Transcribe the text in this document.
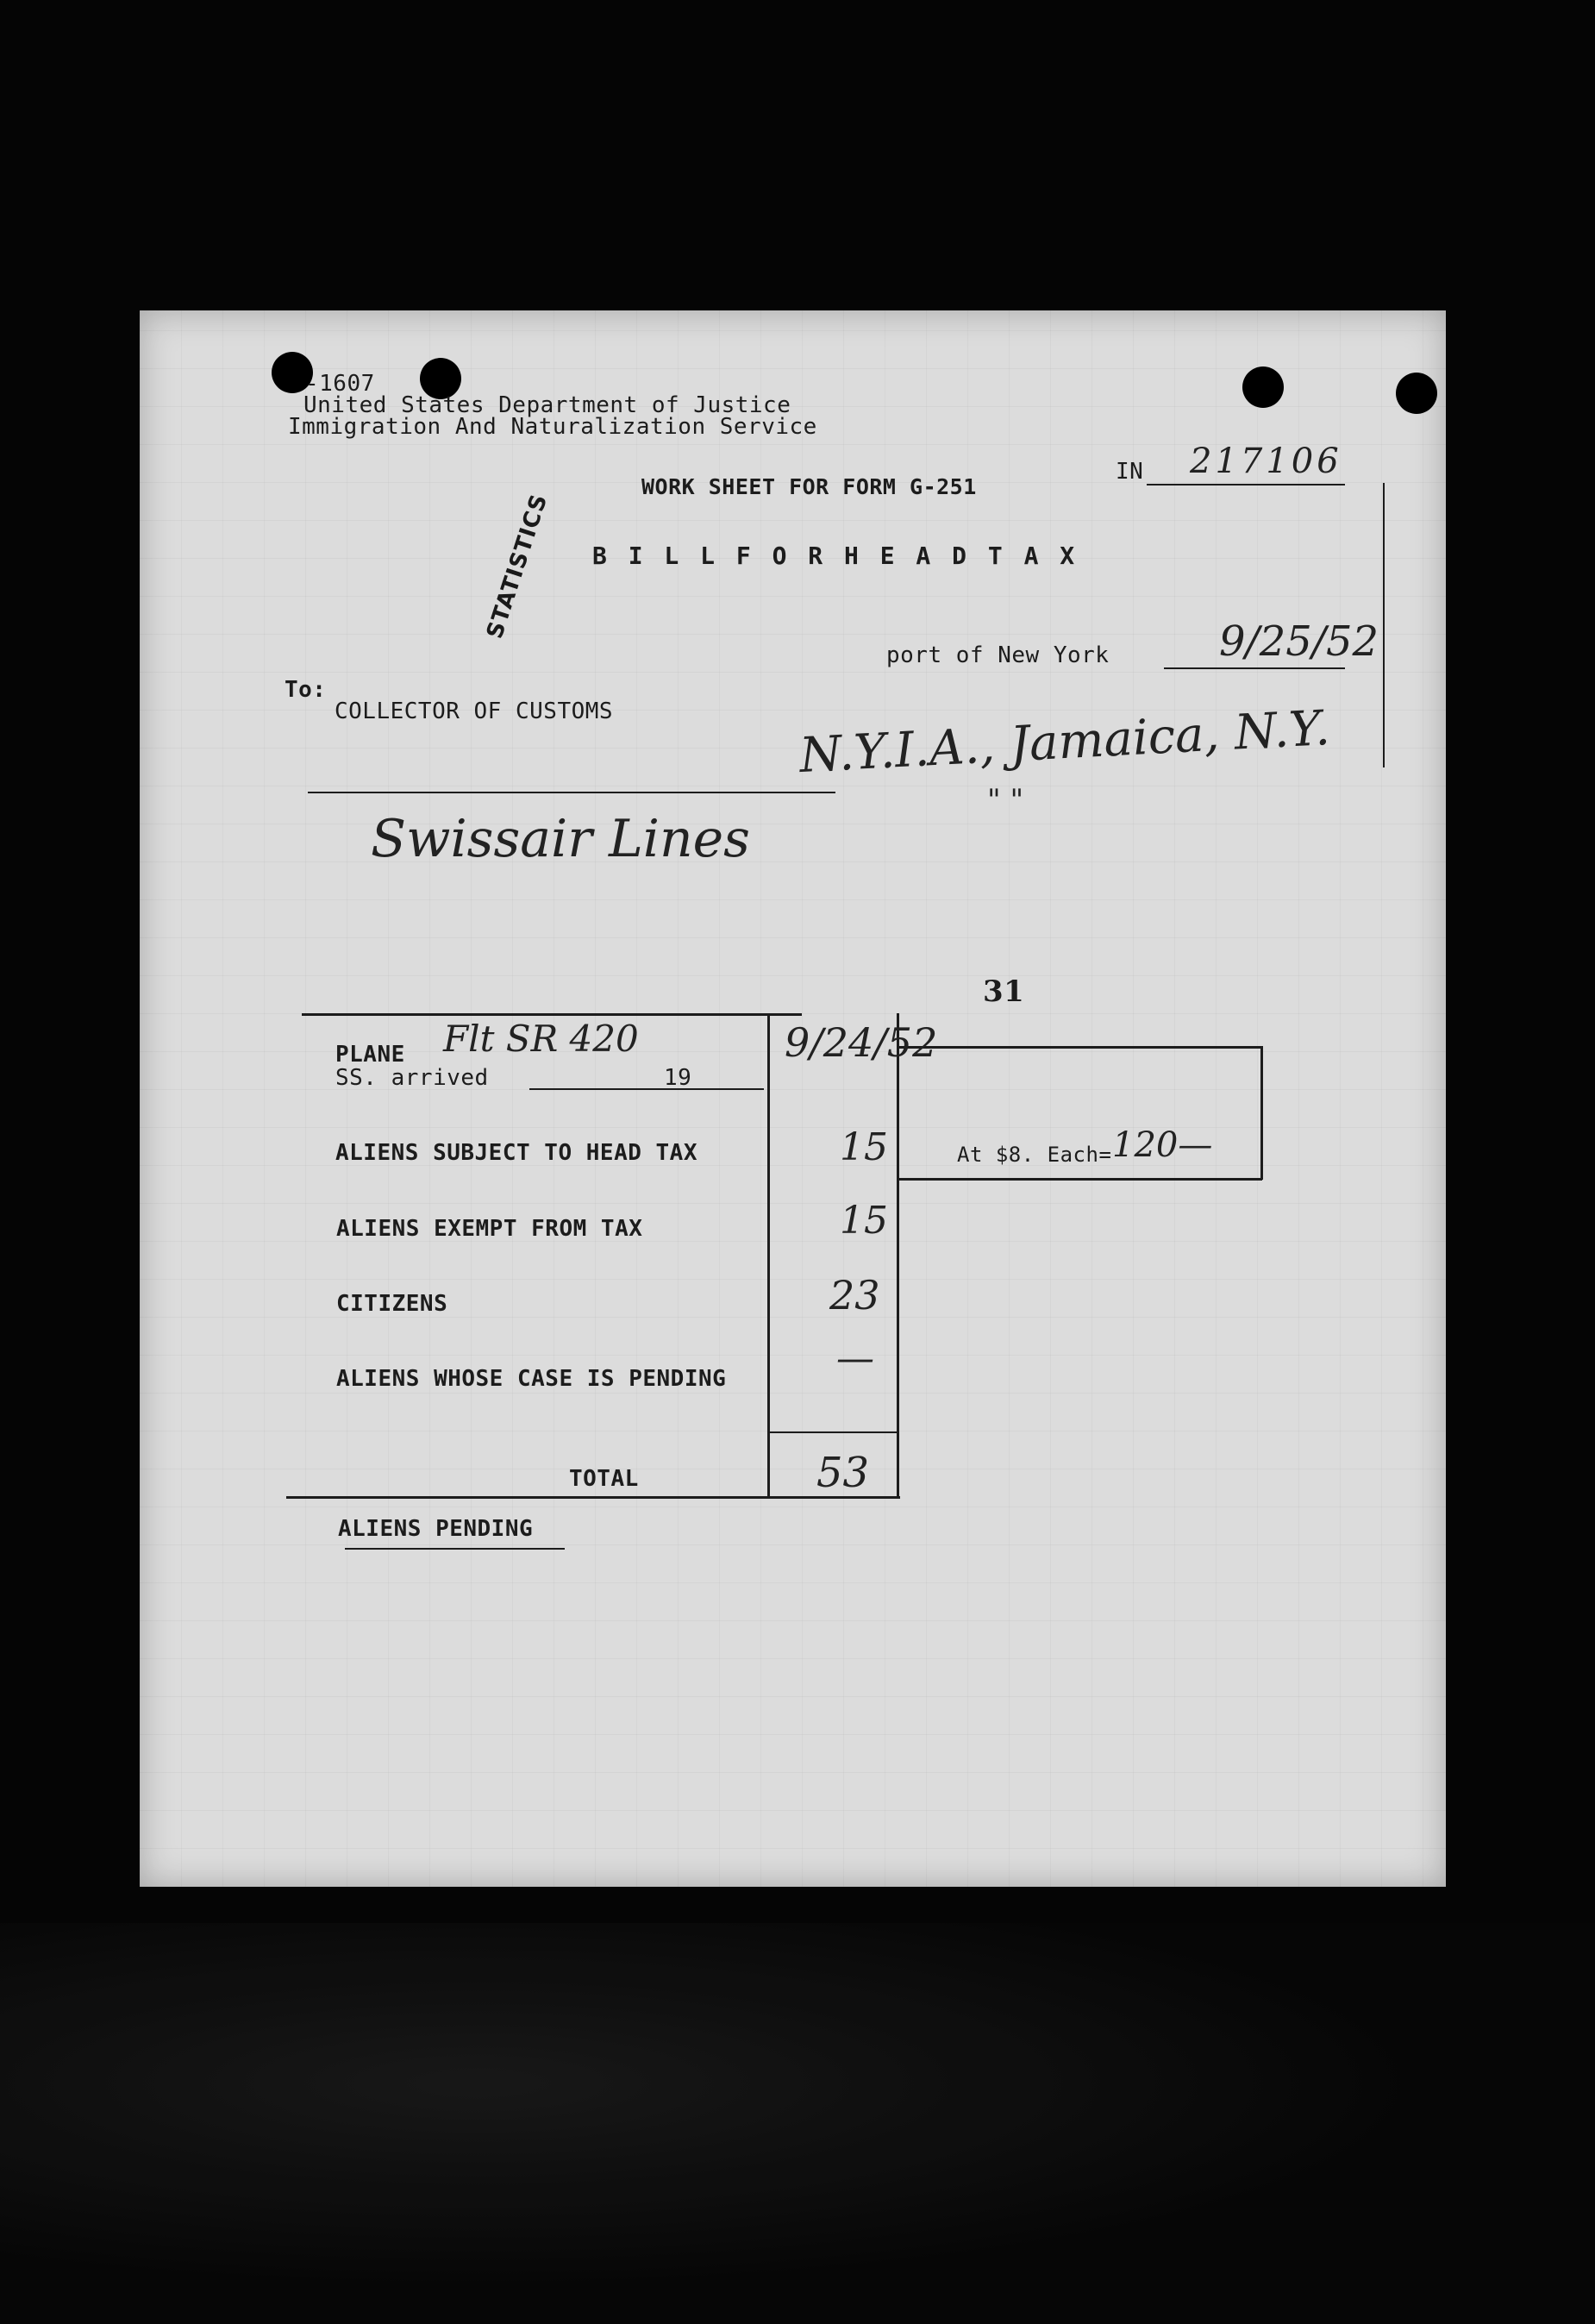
-1607
United States Department of Justice
Immigration And Naturalization Service
WORK SHEET FOR FORM G-251
IN 217106
STATISTICS B I L L F O R H E A D T A X
port of New York	9/25/52
To:
COLLECTOR OF CUSTOMS	N.Y.I.A., Jamaica, N.Y.
" "
Swissair Lines
31
PLANE Flt SR 420
SS. arrived	19
9/24/52
ALIENS SUBJECT TO HEAD TAX	15	At $8. Each= 120—
ALIENS EXEMPT FROM TAX	15
CITIZENS	23
ALIENS WHOSE CASE IS PENDING	—
TOTAL	53
ALIENS PENDING
